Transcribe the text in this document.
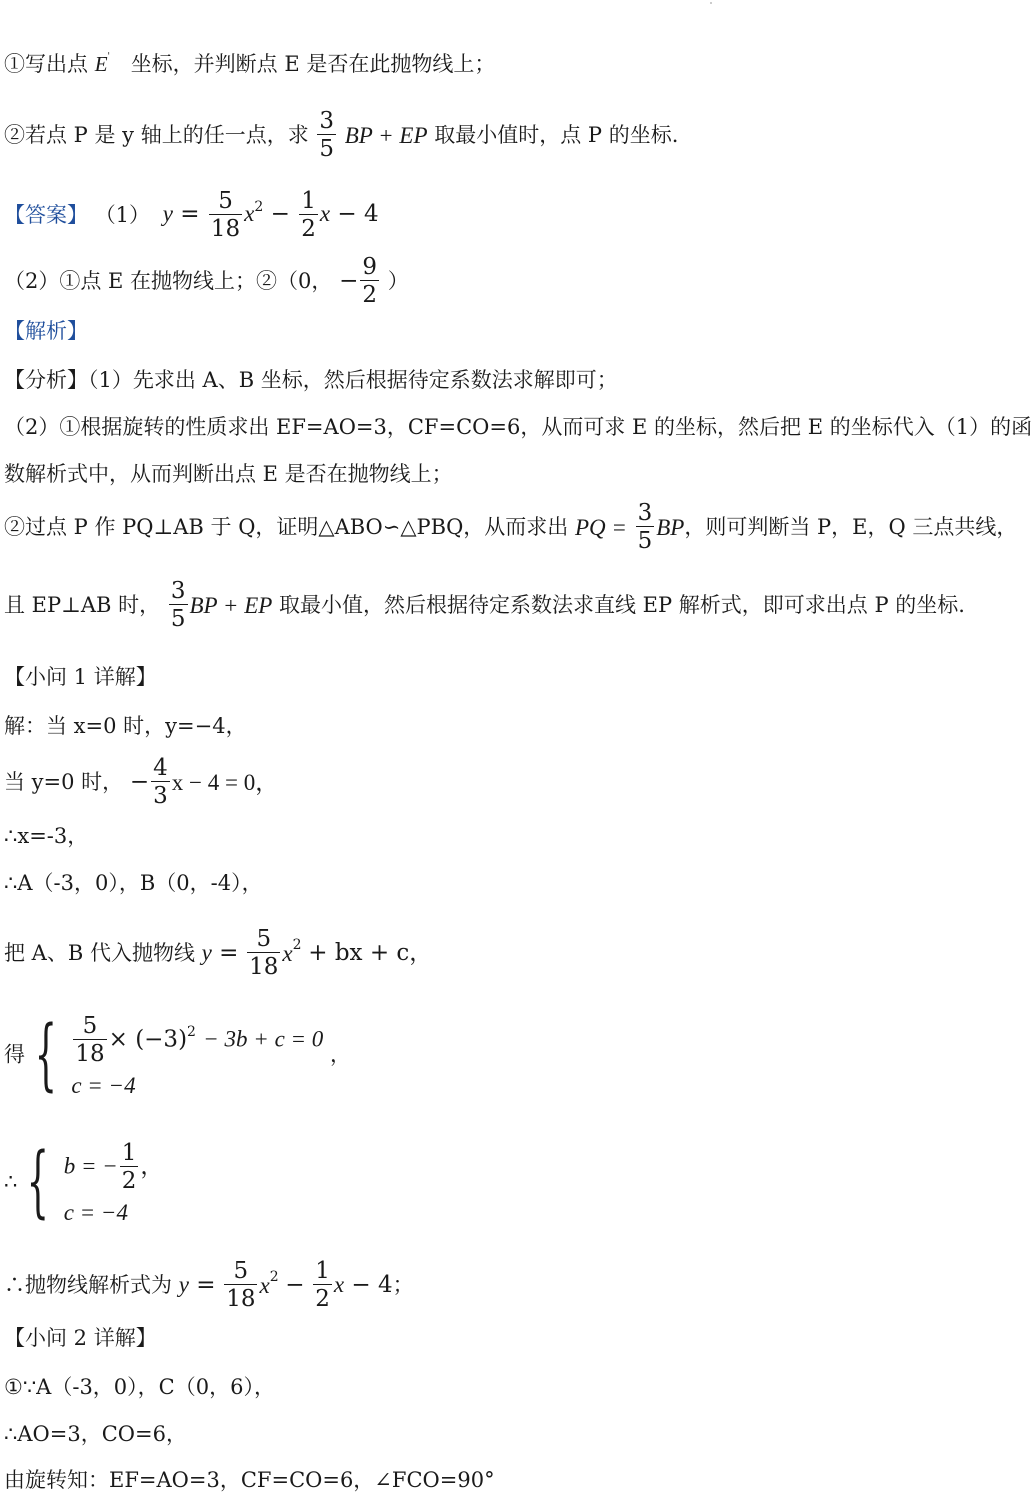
①写出点 E' 坐标，并判断点 E 是否在此抛物线上；
②若点 P 是 y 轴上的任一点，求 $\frac{3}{5}$ BP + EP 取最小值时，点 P 的坐标.
【答案】 （1） $y = \frac{5}{18} x^2 - \frac{1}{2}$ x − 4
（2）①点 E 在抛物线上；②（0， − $\frac{9}{2}$ ）
【解析】
【分析】（1）先求出 A、B 坐标，然后根据待定系数法求解即可；
（2）①根据旋转的性质求出 EF=AO=3，CF=CO=6，从而可求 E 的坐标，然后把 E 的坐标代入（1）的函
数解析式中，从而判断出点 E 是否在抛物线上；
②过点 P 作 PQ⊥AB 于 Q，证明△ABO∽△PBQ，从而求出 PQ = $\frac{3}{5}$ BP，则可判断当 P，E，Q 三点共线，
且 EP⊥AB 时， $\frac{3}{5}$ BP + EP 取最小值，然后根据待定系数法求直线 EP 解析式，即可求出点 P 的坐标.
【小问 1 详解】
解：当 x=0 时，y=−4，
当 y=0 时， − $\frac{4}{3}$ x − 4 = 0，
∴x=-3，
∴A（-3，0），B（0，-4），
把 A、B 代入抛物线 $y = \frac{5}{18} x^2$ + bx + c，
得 { $\frac{5}{18} \times (-3)^2 - 3b + c = 0$
c = −4
，
∴ { b = − $\frac{1}{2}$ ，
c = −4
∴抛物线解析式为 $y = \frac{5}{18} x^2 - \frac{1}{2}$ x − 4；
【小问 2 详解】
①∵A（-3，0），C（0，6），
∴AO=3，CO=6，
由旋转知：EF=AO=3，CF=CO=6，∠FCO=90°
